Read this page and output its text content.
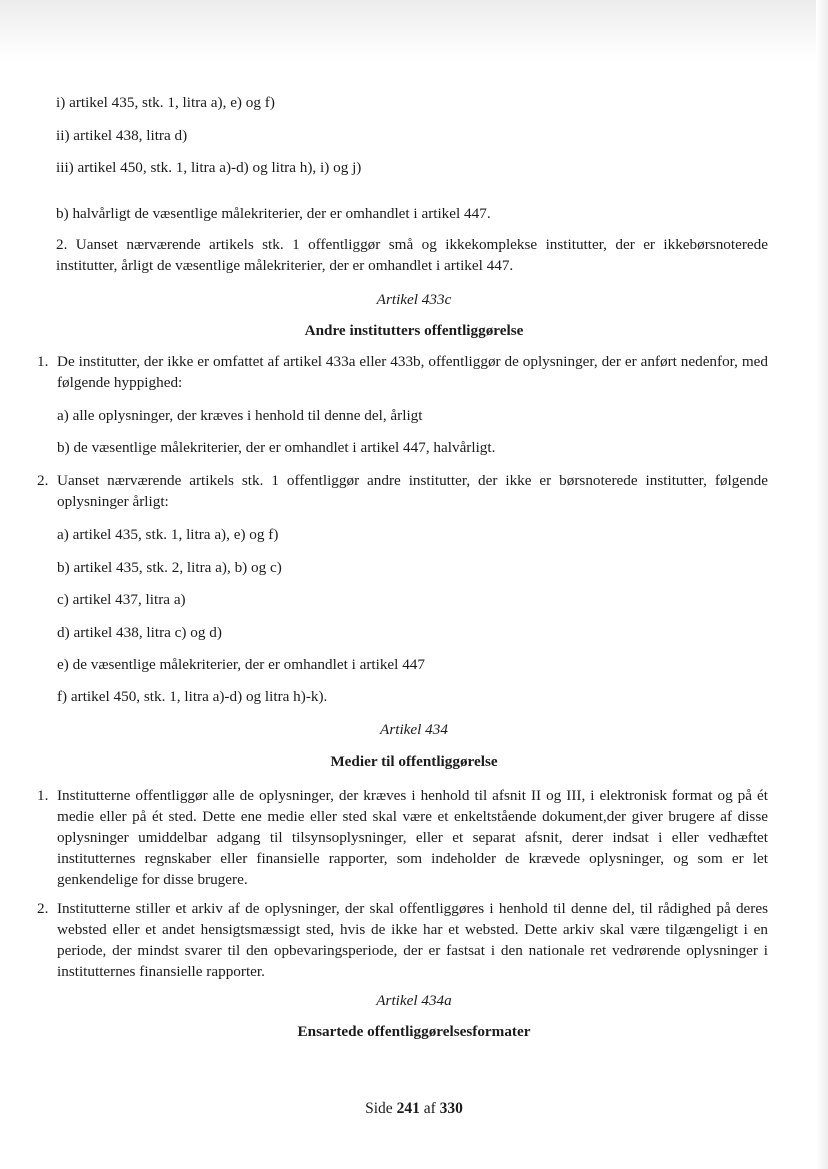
i) artikel 435, stk. 1, litra a), e) og f)
ii) artikel 438, litra d)
iii) artikel 450, stk. 1, litra a)-d) og litra h), i) og j)
b) halvårligt de væsentlige målekriterier, der er omhandlet i artikel 447.
2. Uanset nærværende artikels stk. 1 offentliggør små og ikkekomplekse institutter, der er ikkebørsnoterede institutter, årligt de væsentlige målekriterier, der er omhandlet i artikel 447.
Artikel 433c
Andre institutters offentliggørelse
1. De institutter, der ikke er omfattet af artikel 433a eller 433b, offentliggør de oplysninger, der er anført nedenfor, med følgende hyppighed:
a) alle oplysninger, der kræves i henhold til denne del, årligt
b) de væsentlige målekriterier, der er omhandlet i artikel 447, halvårligt.
2. Uanset nærværende artikels stk. 1 offentliggør andre institutter, der ikke er børsnoterede institutter, følgende oplysninger årligt:
a) artikel 435, stk. 1, litra a), e) og f)
b) artikel 435, stk. 2, litra a), b) og c)
c) artikel 437, litra a)
d) artikel 438, litra c) og d)
e) de væsentlige målekriterier, der er omhandlet i artikel 447
f) artikel 450, stk. 1, litra a)-d) og litra h)-k).
Artikel 434
Medier til offentliggørelse
1. Institutterne offentliggør alle de oplysninger, der kræves i henhold til afsnit II og III, i elektronisk format og på ét medie eller på ét sted. Dette ene medie eller sted skal være et enkeltstående dokument,der giver brugere af disse oplysninger umiddelbar adgang til tilsynsoplysninger, eller et separat afsnit, derer indsat i eller vedhæftet institutternes regnskaber eller finansielle rapporter, som indeholder de krævede oplysninger, og som er let genkendelige for disse brugere.
2. Institutterne stiller et arkiv af de oplysninger, der skal offentliggøres i henhold til denne del, til rådighed på deres websted eller et andet hensigtsmæssigt sted, hvis de ikke har et websted. Dette arkiv skal være tilgængeligt i en periode, der mindst svarer til den opbevaringsperiode, der er fastsat i den nationale ret vedrørende oplysninger i institutternes finansielle rapporter.
Artikel 434a
Ensartede offentliggørelsesformater
Side 241 af 330
